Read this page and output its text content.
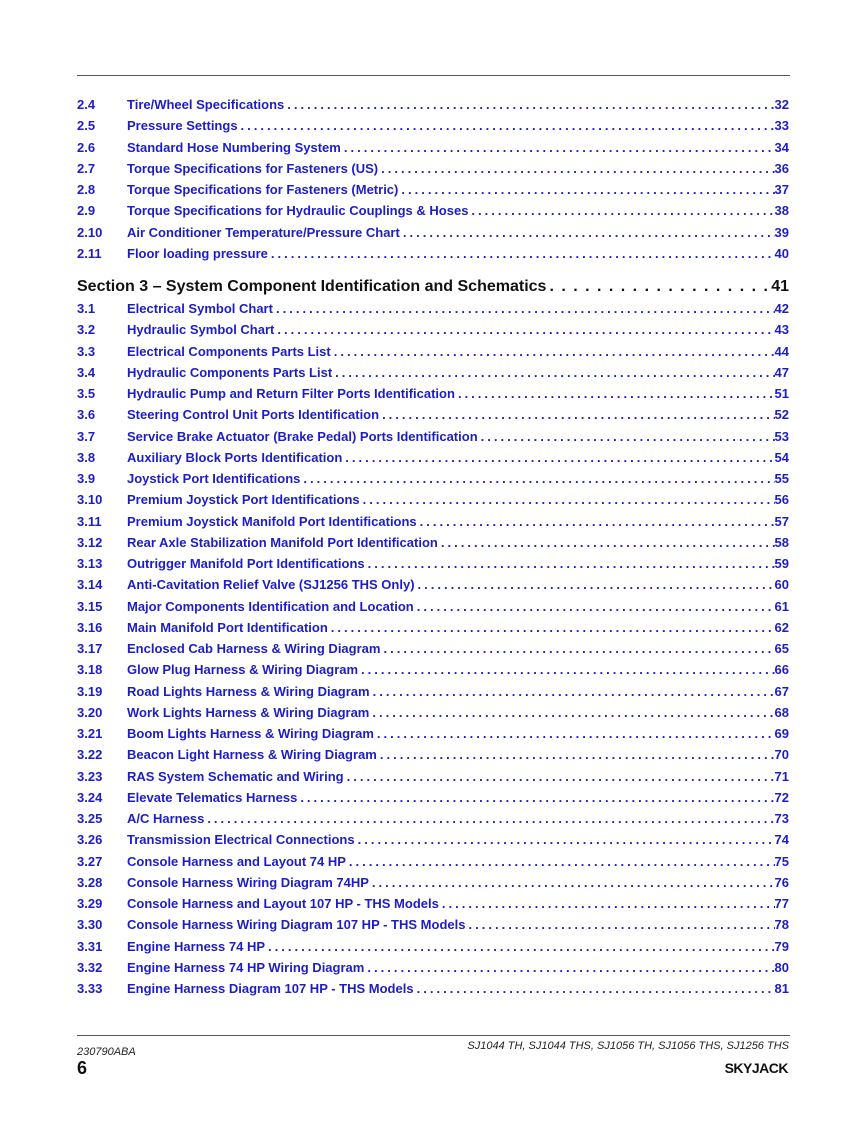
2.4	Tire/Wheel Specifications . . .	32
2.5	Pressure Settings . . .	33
2.6	Standard Hose Numbering System . . .	34
2.7	Torque Specifications for Fasteners (US) . . .	36
2.8	Torque Specifications for Fasteners (Metric) . . .	37
2.9	Torque Specifications for Hydraulic Couplings & Hoses . . .	38
2.10	Air Conditioner Temperature/Pressure Chart . . .	39
2.11	Floor loading pressure . . .	40
Section 3 – System Component Identification and Schematics . . .	41
3.1	Electrical Symbol Chart . . .	42
3.2	Hydraulic Symbol Chart . . .	43
3.3	Electrical Components Parts List . . .	44
3.4	Hydraulic Components Parts List . . .	47
3.5	Hydraulic Pump and Return Filter Ports Identification . . .	51
3.6	Steering Control Unit Ports Identification . . .	52
3.7	Service Brake Actuator (Brake Pedal) Ports Identification . . .	53
3.8	Auxiliary Block Ports Identification . . .	54
3.9	Joystick Port Identifications . . .	55
3.10	Premium Joystick Port Identifications . . .	56
3.11	Premium Joystick Manifold Port Identifications . . .	57
3.12	Rear Axle Stabilization Manifold Port Identification . . .	58
3.13	Outrigger Manifold Port Identifications . . .	59
3.14	Anti-Cavitation Relief Valve (SJ1256 THS Only) . . .	60
3.15	Major Components Identification and Location . . .	61
3.16	Main Manifold Port Identification . . .	62
3.17	Enclosed Cab Harness & Wiring Diagram . . .	65
3.18	Glow Plug Harness & Wiring Diagram . . .	66
3.19	Road Lights Harness & Wiring Diagram . . .	67
3.20	Work Lights Harness & Wiring Diagram . . .	68
3.21	Boom Lights Harness & Wiring Diagram . . .	69
3.22	Beacon Light Harness & Wiring Diagram . . .	70
3.23	RAS System Schematic and Wiring . . .	71
3.24	Elevate Telematics Harness . . .	72
3.25	A/C Harness . . .	73
3.26	Transmission Electrical Connections . . .	74
3.27	Console Harness and Layout 74 HP . . .	75
3.28	Console Harness Wiring Diagram 74HP . . .	76
3.29	Console Harness and Layout 107 HP - THS Models . . .	77
3.30	Console Harness Wiring Diagram 107 HP - THS Models . . .	78
3.31	Engine Harness 74 HP . . .	79
3.32	Engine Harness 74 HP Wiring Diagram . . .	80
3.33	Engine Harness Diagram 107 HP - THS Models . . .	81
230790ABA
6
SJ1044 TH, SJ1044 THS, SJ1056 TH, SJ1056 THS, SJ1256 THS
SKYJACK
